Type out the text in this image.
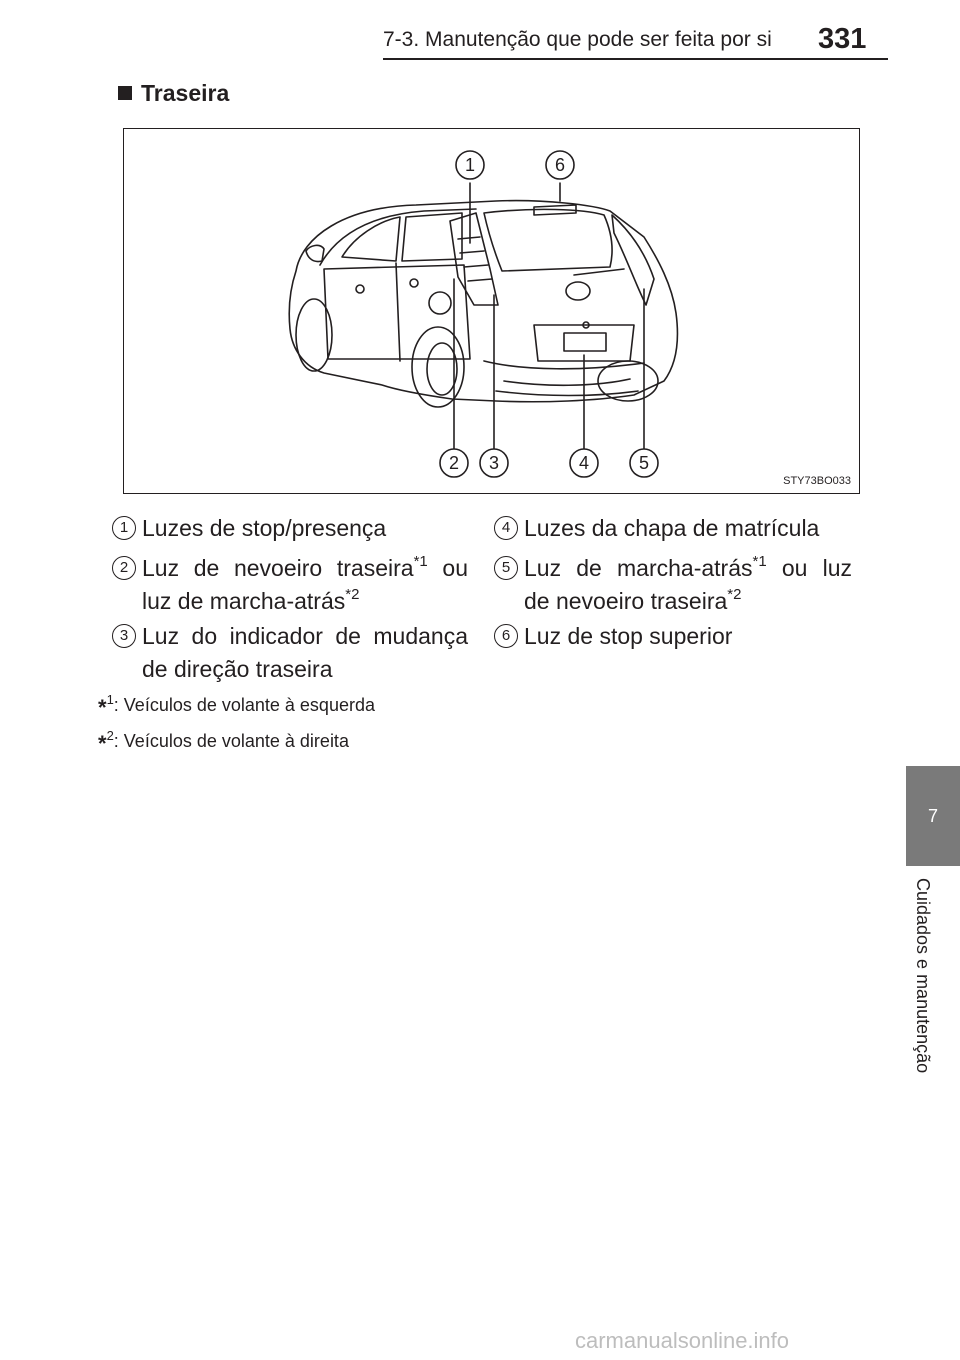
7-3. Manutenção que pode ser feita por si 331
Traseira
1	6
2 3	4	5
STY73BO033
1 Luzes de stop/presença
2 Luz de nevoeiro traseira$^{*1}$ ou
luz de marcha-atrás$^{*2}$
3 Luz do indicador de mudança
de direção traseira
4 Luzes da chapa de matrícula
5 Luz de marcha-atrás$^{*1}$ ou luz
de nevoeiro traseira$^{*2}$
6 Luz de stop superior
*$^1$: Veículos de volante à esquerda
*$^2$: Veículos de volante à direita
7
Cuidados e manutenção
carmanualsonline.info
